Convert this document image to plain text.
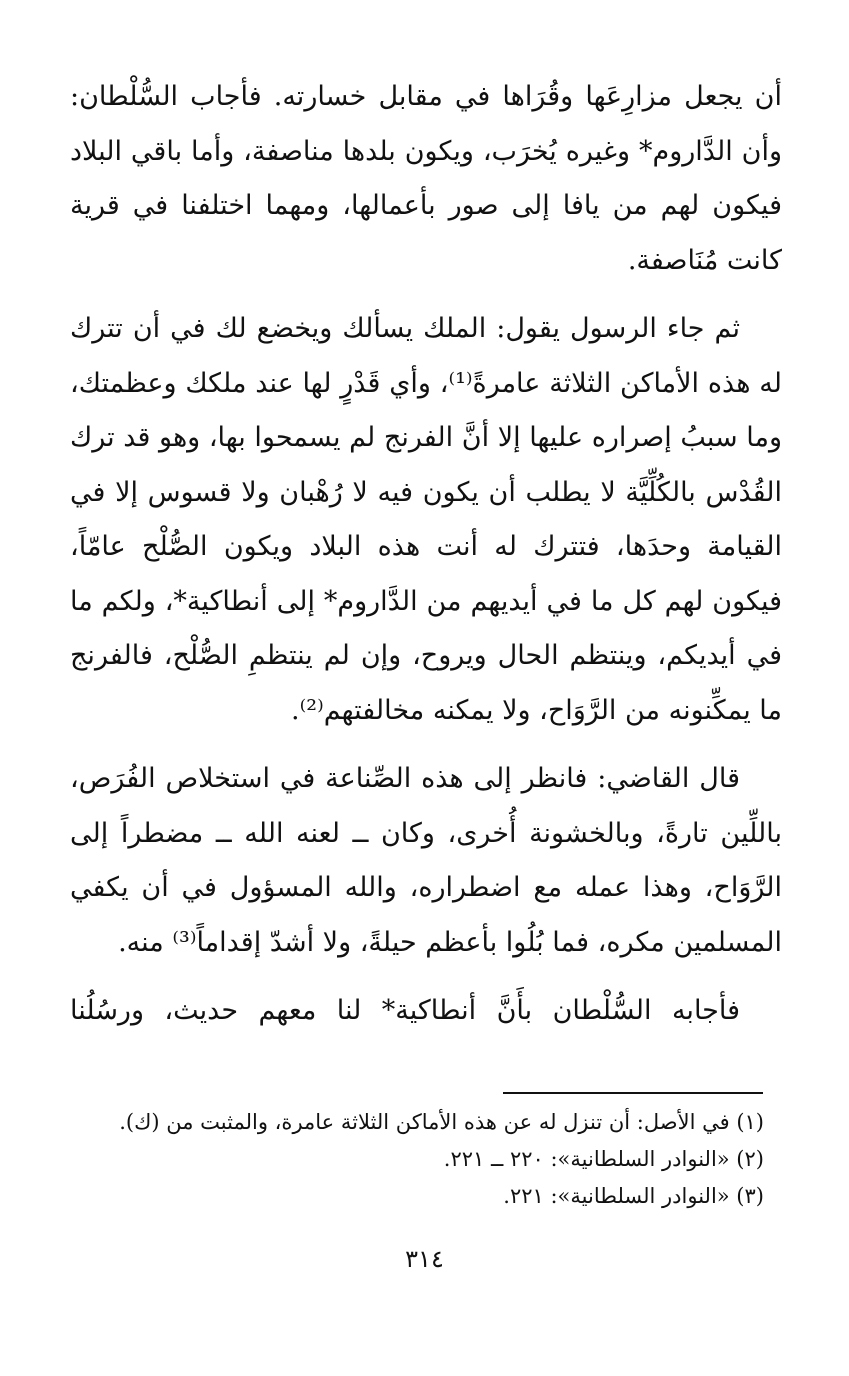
أن يجعل مزارِعَها وقُرَاها في مقابل خسارته. فأجاب السُّلْطان: وأن الدَّاروم* وغيره يُخرَب، ويكون بلدها مناصفة، وأما باقي البلاد فيكون لهم من يافا إلى صور بأعمالها، ومهما اختلفنا في قرية كانت مُنَاصفة.

ثم جاء الرسول يقول: الملك يسألك ويخضع لك في أن تترك له هذه الأماكن الثلاثة عامرةً⁽¹⁾، وأي قَدْرٍ لها عند ملكك وعظمتك، وما سببُ إصراره عليها إلا أنَّ الفرنج لم يسمحوا بها، وهو قد ترك القُدْس بالكُلِّيَّة لا يطلب أن يكون فيه لا رُهْبان ولا قسوس إلا في القيامة وحدَها، فتترك له أنت هذه البلاد ويكون الصُّلْح عامّاً، فيكون لهم كل ما في أيديهم من الدَّاروم* إلى أنطاكية*، ولكم ما في أيديكم، وينتظم الحال ويروح، وإن لم ينتظمِ الصُّلْح، فالفرنج ما يمكِّنونه من الرَّوَاح، ولا يمكنه مخالفتهم⁽²⁾.

قال القاضي: فانظر إلى هذه الصِّناعة في استخلاص الفُرَص، باللِّين تارةً، وبالخشونة أُخرى، وكان ــ لعنه الله ــ مضطراً إلى الرَّوَاح، وهذا عمله مع اضطراره، والله المسؤول في أن يكفي المسلمين مكره، فما بُلُوا بأعظم حيلةً، ولا أشدّ إقداماً⁽³⁾ منه.

فأجابه السُّلْطان بأَنَّ أنطاكية* لنا معهم حديث، ورسُلُنا

(١) في الأصل: أن تنزل له عن هذه الأماكن الثلاثة عامرة، والمثبت من (ك).

(٢) «النوادر السلطانية»: ٢٢٠ ــ ٢٢١.

(٣) «النوادر السلطانية»: ٢٢١.

٣١٤
